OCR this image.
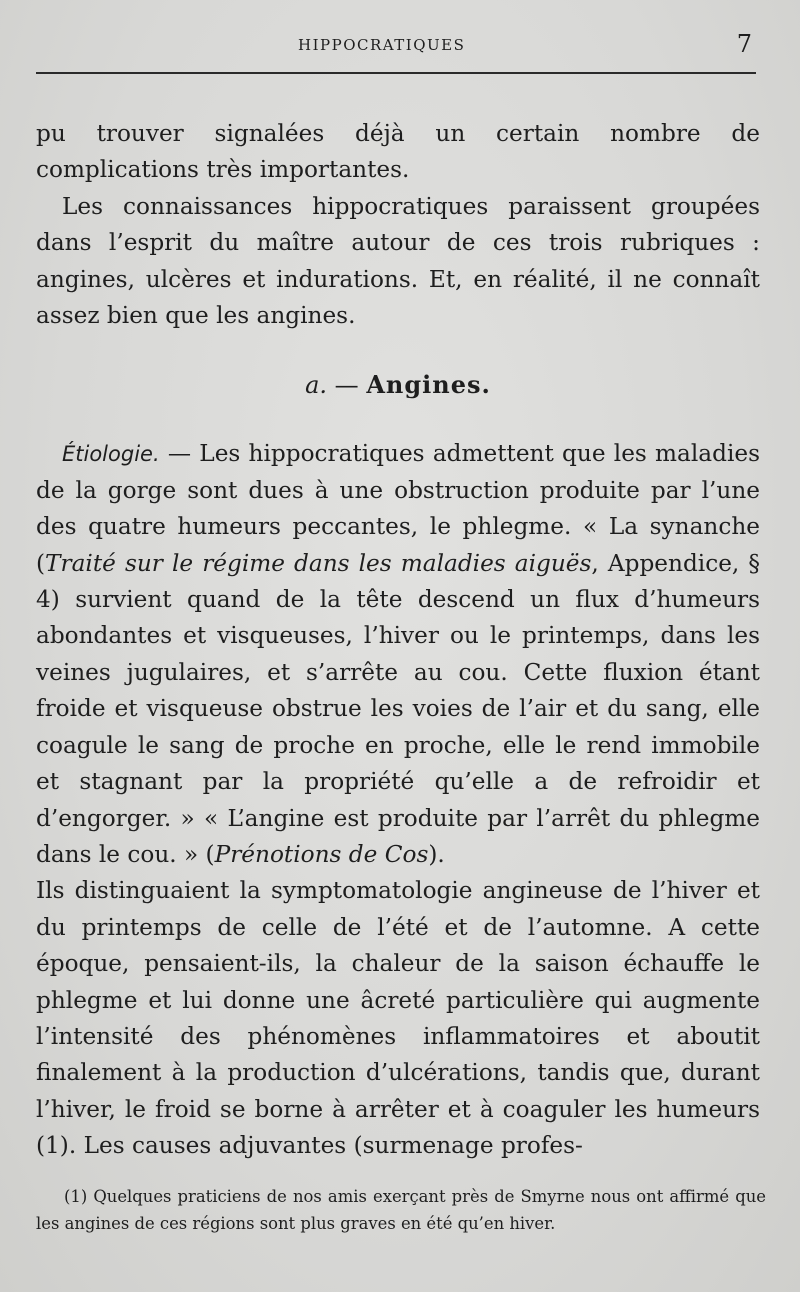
HIPPOCRATIQUES	7

pu trouver signalées déjà un certain nombre de complications très importantes.

Les connaissances hippocratiques paraissent groupées dans l’esprit du maître autour de ces trois rubriques : angines, ulcères et indurations. Et, en réalité, il ne connaît assez bien que les angines.

a. — Angines.

Étiologie. — Les hippocratiques admettent que les maladies de la gorge sont dues à une obstruction produite par l’une des quatre humeurs peccantes, le phlegme. « La synanche (Traité sur le régime dans les maladies aiguës, Appendice, § 4) survient quand de la tête descend un flux d’humeurs abondantes et visqueuses, l’hiver ou le printemps, dans les veines jugulaires, et s’arrête au cou. Cette fluxion étant froide et visqueuse obstrue les voies de l’air et du sang, elle coagule le sang de proche en proche, elle le rend immobile et stagnant par la propriété qu’elle a de refroidir et d’engorger. » « L’angine est produite par l’arrêt du phlegme dans le cou. » (Prénotions de Cos).

Ils distinguaient la symptomatologie angineuse de l’hiver et du printemps de celle de l’été et de l’automne. A cette époque, pensaient-ils, la chaleur de la saison échauffe le phlegme et lui donne une âcreté particulière qui augmente l’intensité des phénomènes inflammatoires et aboutit finalement à la production d’ulcérations, tandis que, durant l’hiver, le froid se borne à arrêter et à coaguler les humeurs (1). Les causes adjuvantes (surmenage profes-

(1) Quelques praticiens de nos amis exerçant près de Smyrne nous ont affirmé que les angines de ces régions sont plus graves en été qu’en hiver.
